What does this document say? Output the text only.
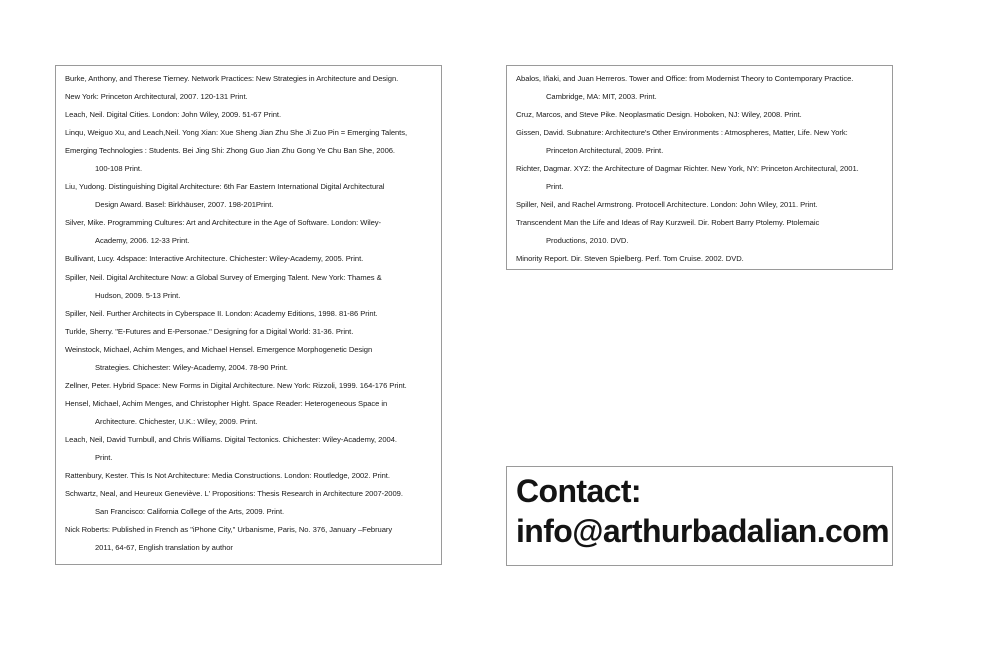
Burke, Anthony, and Therese Tierney. Network Practices: New Strategies in Architecture and Design.
New York: Princeton Architectural, 2007. 120-131 Print.
Leach, Neil. Digital Cities. London: John Wiley, 2009. 51-67 Print.
Linqu, Weiguo Xu, and Leach,Neil. Yong Xian: Xue Sheng Jian Zhu She Ji Zuo Pin = Emerging Talents,
Emerging Technologies : Students. Bei Jing Shi: Zhong Guo Jian Zhu Gong Ye Chu Ban She, 2006.
100-108 Print.
Liu, Yudong. Distinguishing Digital Architecture: 6th Far Eastern International Digital Architectural
Design Award. Basel: Birkhäuser, 2007. 198-201Print.
Silver, Mike. Programming Cultures: Art and Architecture in the Age of Software. London: Wiley-
Academy, 2006. 12-33 Print.
Bullivant, Lucy. 4dspace: Interactive Architecture. Chichester: Wiley-Academy, 2005. Print.
Spiller, Neil. Digital Architecture Now: a Global Survey of Emerging Talent. New York: Thames &
Hudson, 2009. 5-13 Print.
Spiller, Neil. Further Architects in Cyberspace II. London: Academy Editions, 1998. 81-86 Print.
Turkle, Sherry. "E-Futures and E-Personae." Designing for a Digital World: 31-36. Print.
Weinstock, Michael, Achim Menges, and Michael Hensel. Emergence Morphogenetic Design
Strategies. Chichester: Wiley-Academy, 2004. 78-90 Print.
Zellner, Peter. Hybrid Space: New Forms in Digital Architecture. New York: Rizzoli, 1999. 164-176 Print.
Hensel, Michael, Achim Menges, and Christopher Hight. Space Reader: Heterogeneous Space in
Architecture. Chichester, U.K.: Wiley, 2009. Print.
Leach, Neil, David Turnbull, and Chris Williams. Digital Tectonics. Chichester: Wiley-Academy, 2004.
Print.
Rattenbury, Kester. This Is Not Architecture: Media Constructions. London: Routledge, 2002. Print.
Schwartz, Neal, and Heureux Geneviève. L' Propositions: Thesis Research in Architecture 2007-2009.
San Francisco: California College of the Arts, 2009. Print.
Nick Roberts: Published in French as "iPhone City," Urbanisme, Paris, No. 376, January –February
2011, 64-67, English translation by author
Abalos, Iñaki, and Juan Herreros. Tower and Office: from Modernist Theory to Contemporary Practice.
Cambridge, MA: MIT, 2003. Print.
Cruz, Marcos, and Steve Pike. Neoplasmatic Design. Hoboken, NJ: Wiley, 2008. Print.
Gissen, David. Subnature: Architecture's Other Environments : Atmospheres, Matter, Life. New York:
Princeton Architectural, 2009. Print.
Richter, Dagmar. XYZ: the Architecture of Dagmar Richter. New York, NY: Princeton Architectural, 2001.
Print.
Spiller, Neil, and Rachel Armstrong. Protocell Architecture. London: John Wiley, 2011. Print.
Transcendent Man the Life and Ideas of Ray Kurzweil. Dir. Robert Barry Ptolemy. Ptolemaic
Productions, 2010. DVD.
Minority Report. Dir. Steven Spielberg. Perf. Tom Cruise. 2002. DVD.
Contact:
info@arthurbadalian.com
